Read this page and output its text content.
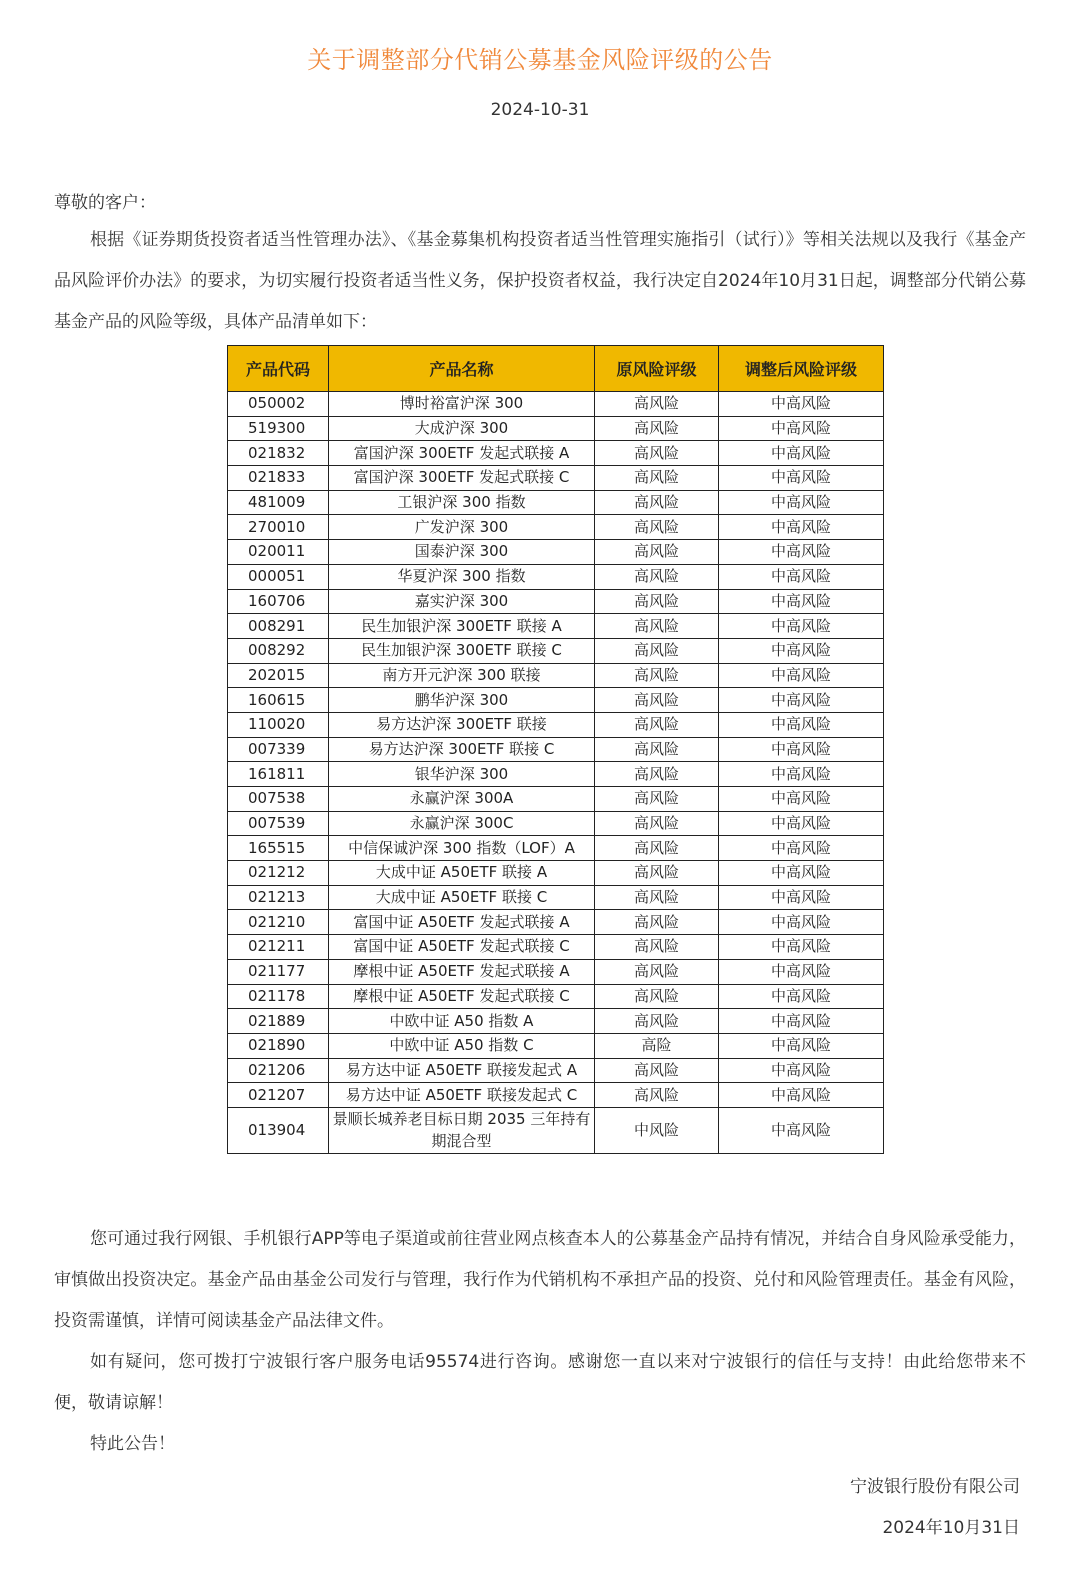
关于调整部分代销公募基金风险评级的公告
2024-10-31
尊敬的客户：

根据《证券期货投资者适当性管理办法》、《基金募集机构投资者适当性管理实施指引（试行）》等相关法规以及我行《基金产品风险评价办法》的要求，为切实履行投资者适当性义务，保护投资者权益，我行决定自2024年10月31日起，调整部分代销公募基金产品的风险等级，具体产品清单如下：

产品代码	产品名称	原风险评级	调整后风险评级
050002	博时裕富沪深 300	高风险	中高风险
519300	大成沪深 300	高风险	中高风险
021832	富国沪深 300ETF 发起式联接 A	高风险	中高风险
021833	富国沪深 300ETF 发起式联接 C	高风险	中高风险
481009	工银沪深 300 指数	高风险	中高风险
270010	广发沪深 300	高风险	中高风险
020011	国泰沪深 300	高风险	中高风险
000051	华夏沪深 300 指数	高风险	中高风险
160706	嘉实沪深 300	高风险	中高风险
008291	民生加银沪深 300ETF 联接 A	高风险	中高风险
008292	民生加银沪深 300ETF 联接 C	高风险	中高风险
202015	南方开元沪深 300 联接	高风险	中高风险
160615	鹏华沪深 300	高风险	中高风险
110020	易方达沪深 300ETF 联接	高风险	中高风险
007339	易方达沪深 300ETF 联接 C	高风险	中高风险
161811	银华沪深 300	高风险	中高风险
007538	永赢沪深 300A	高风险	中高风险
007539	永赢沪深 300C	高风险	中高风险
165515	中信保诚沪深 300 指数（LOF）A	高风险	中高风险
021212	大成中证 A50ETF 联接 A	高风险	中高风险
021213	大成中证 A50ETF 联接 C	高风险	中高风险
021210	富国中证 A50ETF 发起式联接 A	高风险	中高风险
021211	富国中证 A50ETF 发起式联接 C	高风险	中高风险
021177	摩根中证 A50ETF 发起式联接 A	高风险	中高风险
021178	摩根中证 A50ETF 发起式联接 C	高风险	中高风险
021889	中欧中证 A50 指数 A	高风险	中高风险
021890	中欧中证 A50 指数 C	高险	中高风险
021206	易方达中证 A50ETF 联接发起式 A	高风险	中高风险
021207	易方达中证 A50ETF 联接发起式 C	高风险	中高风险
013904	景顺长城养老目标日期 2035 三年持有期混合型	中风险	中高风险

您可通过我行网银、手机银行APP等电子渠道或前往营业网点核查本人的公募基金产品持有情况，并结合自身风险承受能力，审慎做出投资决定。基金产品由基金公司发行与管理，我行作为代销机构不承担产品的投资、兑付和风险管理责任。基金有风险，投资需谨慎，详情可阅读基金产品法律文件。

如有疑问，您可拨打宁波银行客户服务电话95574进行咨询。感谢您一直以来对宁波银行的信任与支持！由此给您带来不便，敬请谅解！

特此公告！

宁波银行股份有限公司
2024年10月31日
